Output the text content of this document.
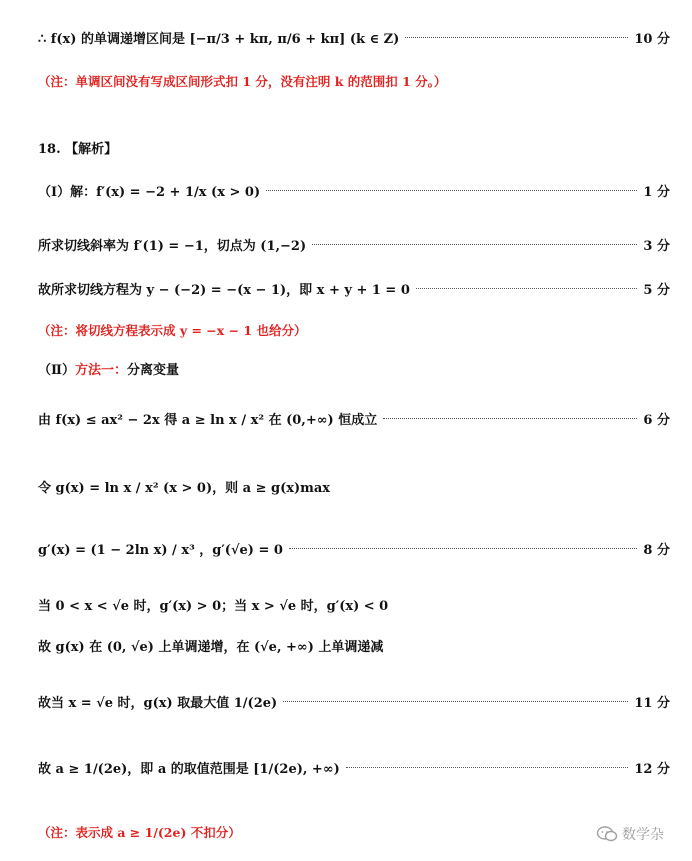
∴ f(x) 的单调递增区间是 [−π/3 + kπ, π/6 + kπ] (k ∈ Z)	10 分
（注：单调区间没有写成区间形式扣 1 分，没有注明 k 的范围扣 1 分。）
18. 【解析】
（Ⅰ）解：f′(x) = −2 + 1/x (x > 0)	1 分
所求切线斜率为 f′(1) = −1，切点为 (1,−2)	3 分
故所求切线方程为 y − (−2) = −(x − 1)，即 x + y + 1 = 0	5 分
（注：将切线方程表示成 y = −x − 1 也给分）
（Ⅱ） 方法一： 分离变量
由 f(x) ≤ ax² − 2x 得 a ≥ ln x / x² 在 (0,+∞) 恒成立	6 分
令 g(x) = ln x / x² (x > 0)，则 a ≥ g(x)max
g′(x) = (1 − 2ln x) / x³ ，g′(√e) = 0	8 分
当 0 < x < √e 时，g′(x) > 0；当 x > √e 时，g′(x) < 0
故 g(x) 在 (0, √e) 上单调递增，在 (√e, +∞) 上单调递减
故当 x = √e 时，g(x) 取最大值 1/(2e)	11 分
故 a ≥ 1/(2e)，即 a 的取值范围是 [1/(2e), +∞)	12 分
（注：表示成 a ≥ 1/(2e) 不扣分）	数学杂
